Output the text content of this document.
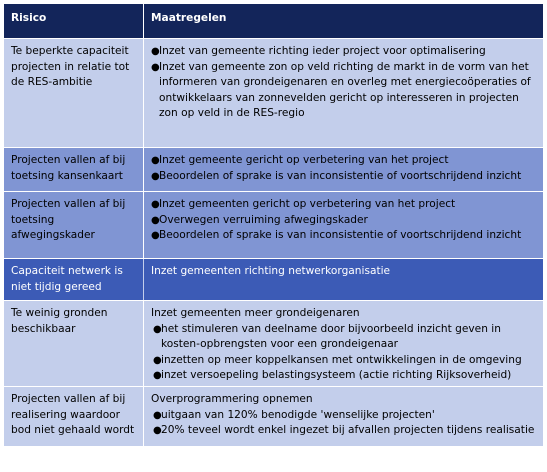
Risico	Maatregelen
Te beperkte capaciteit projecten in relatie tot de RES-ambitie
● Inzet van gemeente richting ieder project voor optimalisering
● Inzet van gemeente zon op veld richting de markt in de vorm van het informeren van grondeigenaren en overleg met energiecoöperaties of ontwikkelaars van zonnevelden gericht op interesseren in projecten zon op veld in de RES-regio
Projecten vallen af bij toetsing kansenkaart
● Inzet gemeente gericht op verbetering van het project
● Beoordelen of sprake is van inconsistentie of voortschrijdend inzicht
Projecten vallen af bij toetsing afwegingskader
● Inzet gemeenten gericht op verbetering van het project
● Overwegen verruiming afwegingskader
● Beoordelen of sprake is van inconsistentie of voortschrijdend inzicht
Capaciteit netwerk is niet tijdig gereed
Inzet gemeenten richting netwerkorganisatie
Te weinig gronden beschikbaar
Inzet gemeenten meer grondeigenaren
● het stimuleren van deelname door bijvoorbeeld inzicht geven in kosten-opbrengsten voor een grondeigenaar
● inzetten op meer koppelkansen met ontwikkelingen in de omgeving
● inzet versoepeling belastingsysteem (actie richting Rijksoverheid)
Projecten vallen af bij realisering waardoor bod niet gehaald wordt
Overprogrammering opnemen
● uitgaan van 120% benodigde 'wenselijke projecten'
● 20% teveel wordt enkel ingezet bij afvallen projecten tijdens realisatie
